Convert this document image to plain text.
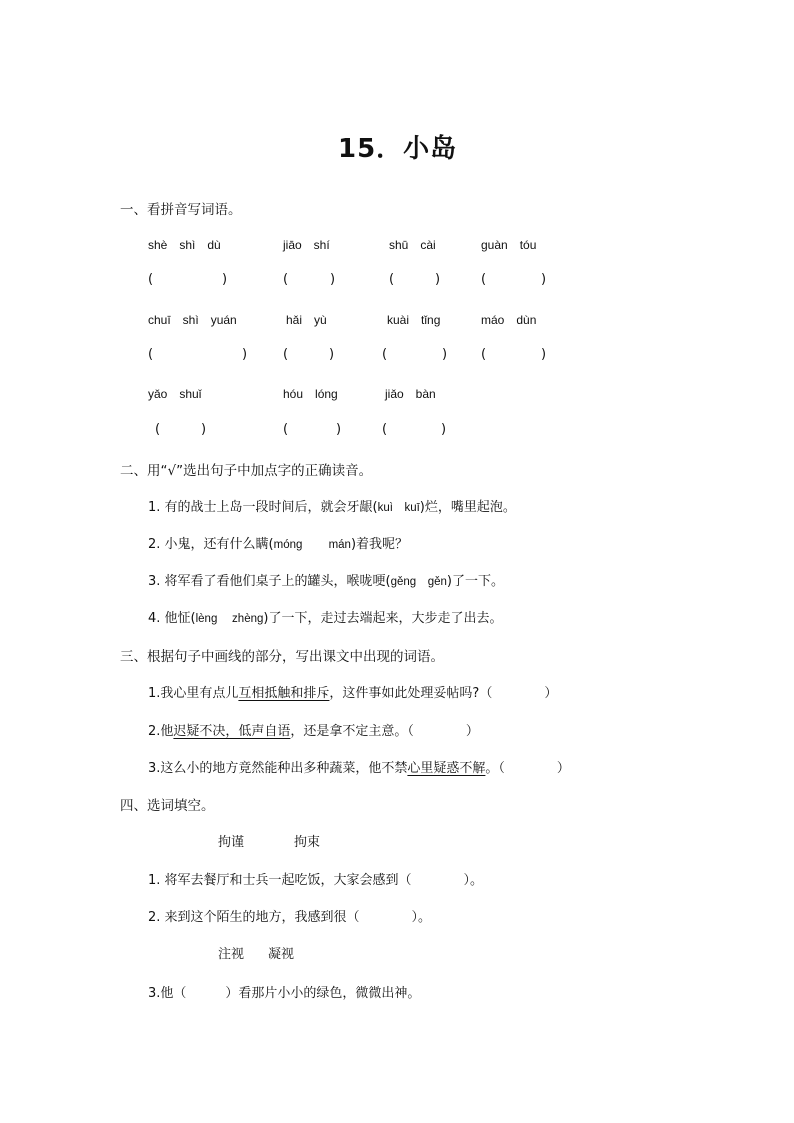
15．小岛
一、看拼音写词语。
shè　shì　dù	jiāo　shí	shū　cài	guàn　tóu
(	)	(	)	(	)	(	)
chuī　shì　yuán	hǎi　yù	kuài　tǐng	máo　dùn
(	)	(	)	(	)	(	)
yǎo　shuǐ	hóu　lóng	jiǎo　bàn
(	)	(	)	(	)
二、用“√”选出句子中加点字的正确读音。
1. 有的战士上岛一段时间后，就会牙龈(kuì　kuī)烂，嘴里起泡。
2. 小鬼，还有什么瞒(móng　 　mán)着我呢？
3. 将军看了看他们桌子上的罐头，喉咙哽(gěng　gěn)了一下。
4. 他怔(lèng　 zhèng)了一下，走过去端起来，大步走了出去。
三、根据句子中画线的部分，写出课文中出现的词语。
1.我心里有点儿互相抵触和排斥，这件事如此处理妥帖吗?（　　　　）
2.他迟疑不决，低声自语，还是拿不定主意。（　　　　）
3.这么小的地方竟然能种出多种蔬菜，他不禁心里疑惑不解。（　　　　）
四、选词填空。
拘谨	拘束
1. 将军去餐厅和士兵一起吃饭，大家会感到（　　　　）。
2. 来到这个陌生的地方，我感到很（　　　　）。
注视 凝视
3.他（　　　）看那片小小的绿色，微微出神。
